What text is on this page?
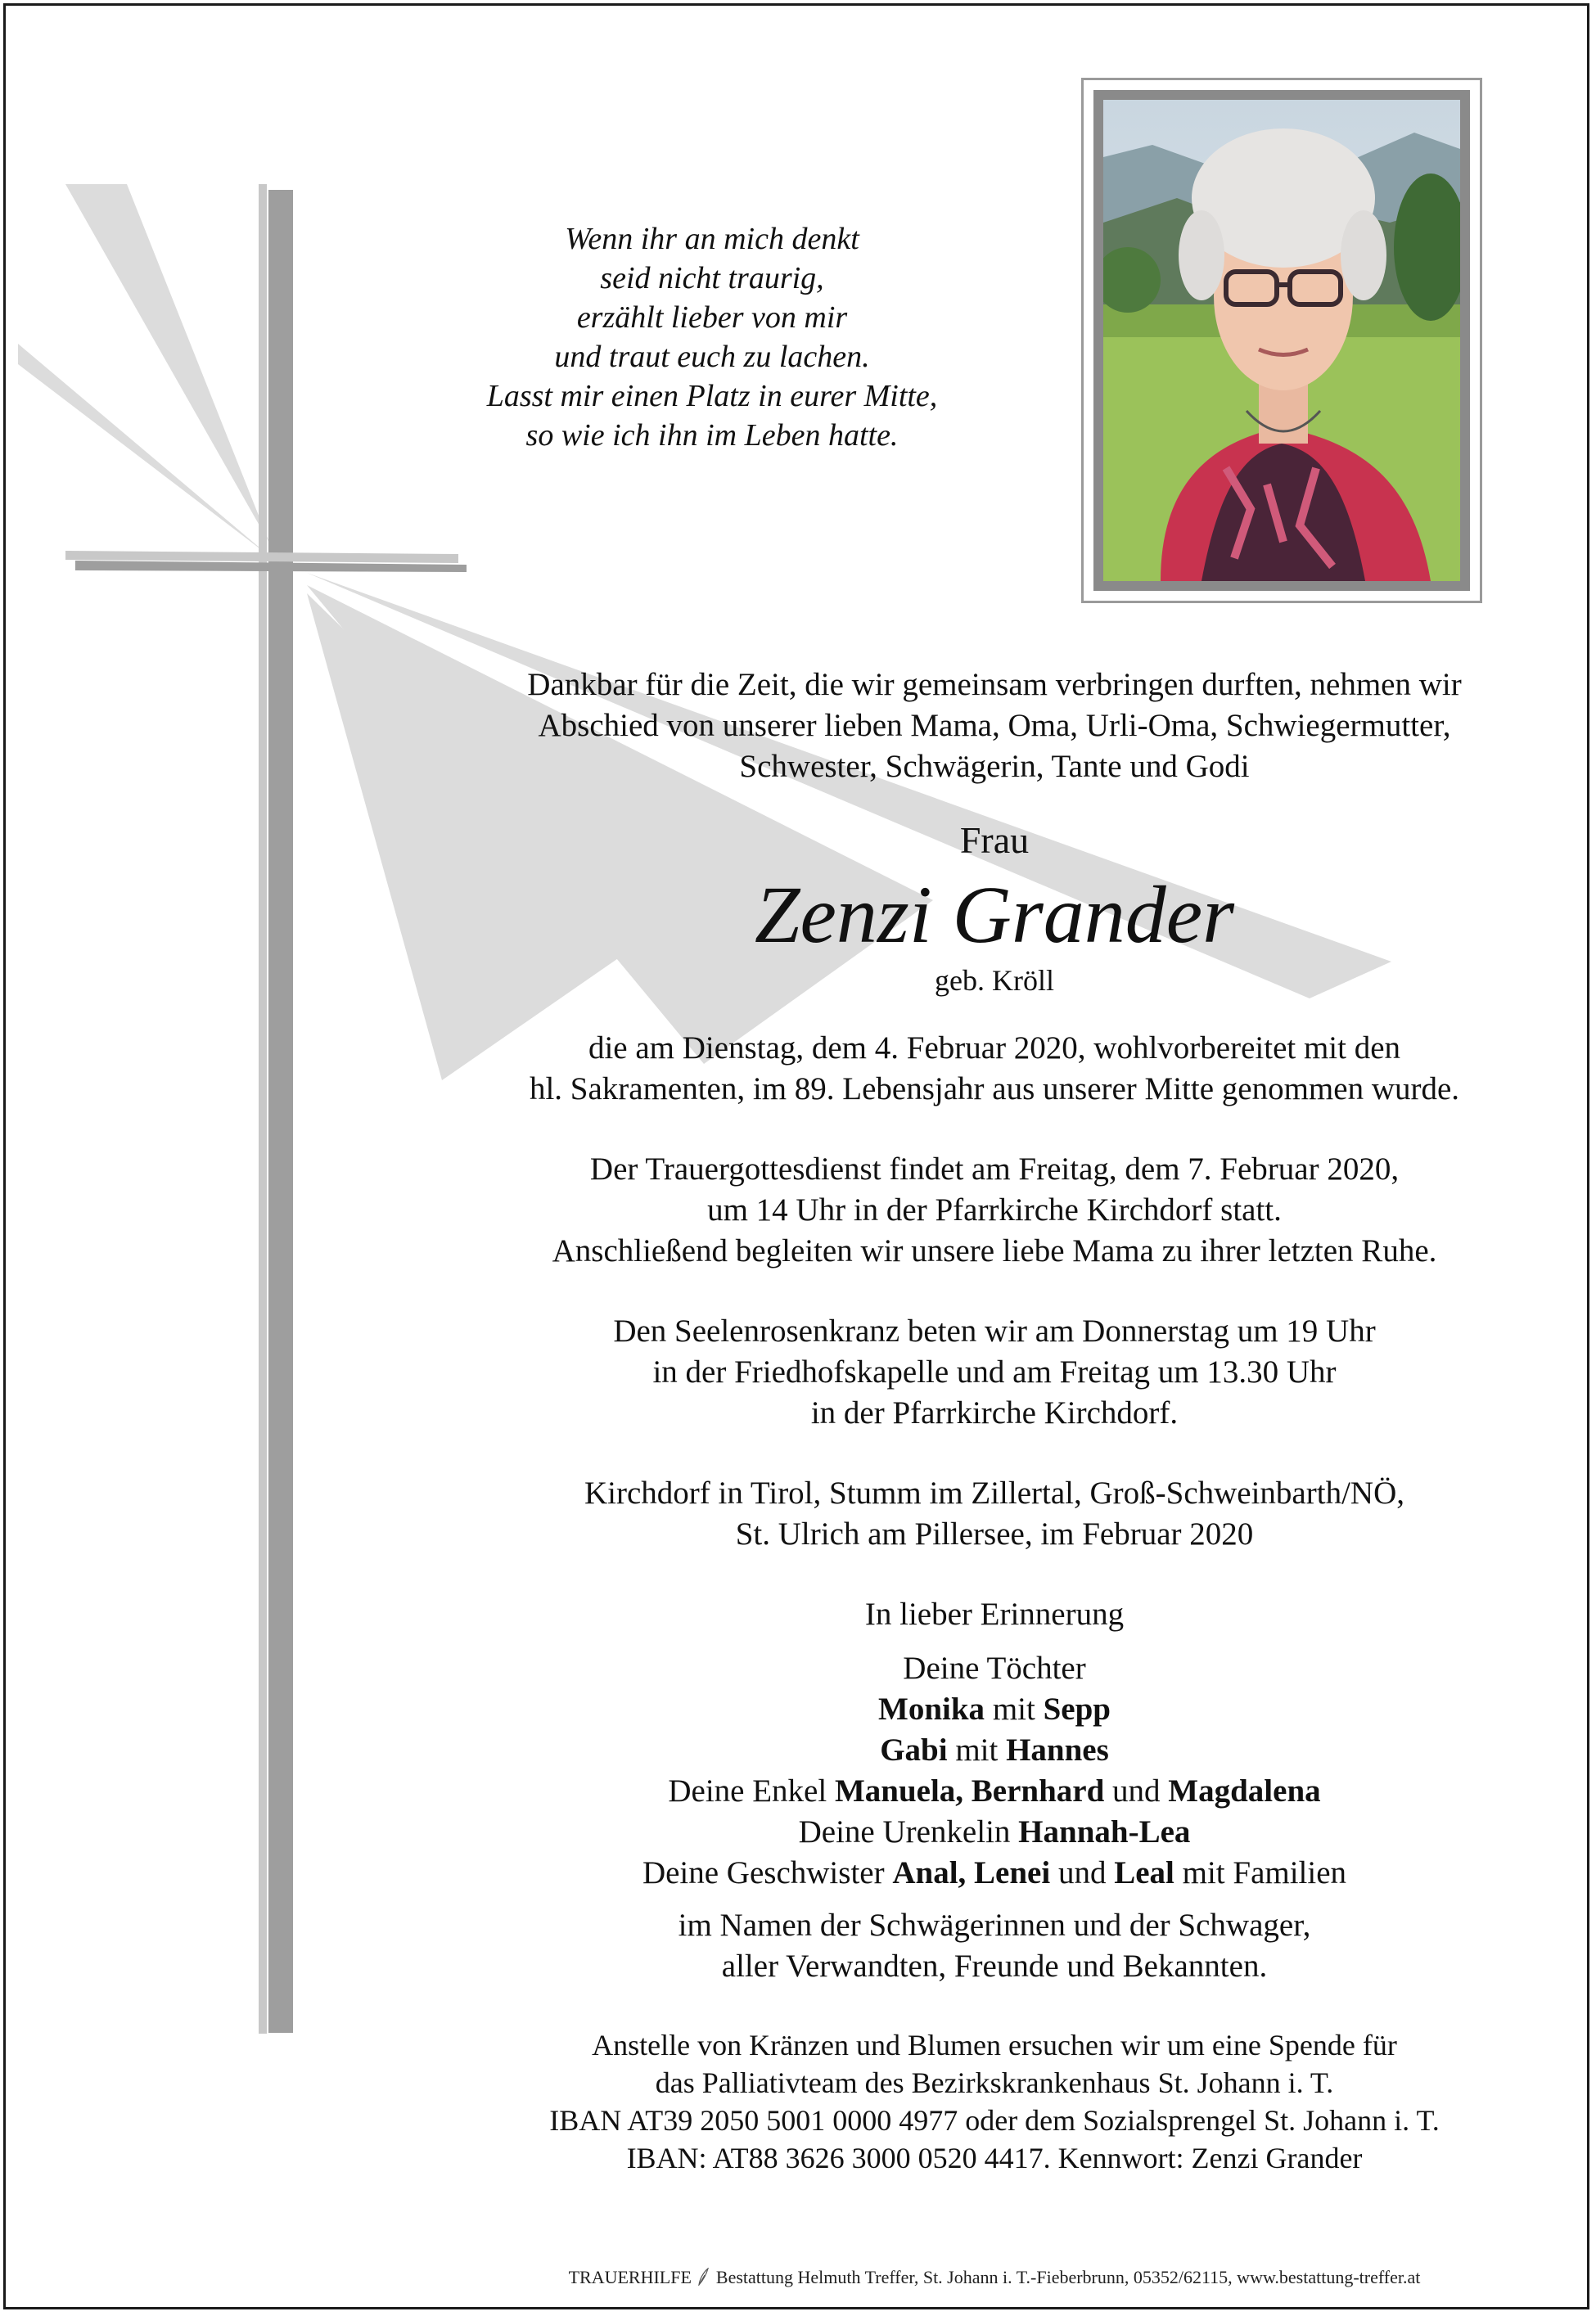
Wenn ihr an mich denkt
seid nicht traurig,
erzählt lieber von mir
und traut euch zu lachen.
Lasst mir einen Platz in eurer Mitte,
so wie ich ihn im Leben hatte.
Dankbar für die Zeit, die wir gemeinsam verbringen durften, nehmen wir
Abschied von unserer lieben Mama, Oma, Urli-Oma, Schwiegermutter,
Schwester, Schwägerin, Tante und Godi
Frau
Zenzi Grander
geb. Kröll
die am Dienstag, dem 4. Februar 2020, wohlvorbereitet mit den
hl. Sakramenten, im 89. Lebensjahr aus unserer Mitte genommen wurde.
Der Trauergottesdienst findet am Freitag, dem 7. Februar 2020,
um 14 Uhr in der Pfarrkirche Kirchdorf statt.
Anschließend begleiten wir unsere liebe Mama zu ihrer letzten Ruhe.
Den Seelenrosenkranz beten wir am Donnerstag um 19 Uhr
in der Friedhofskapelle und am Freitag um 13.30 Uhr
in der Pfarrkirche Kirchdorf.
Kirchdorf in Tirol, Stumm im Zillertal, Groß-Schweinbarth/NÖ,
St. Ulrich am Pillersee, im Februar 2020
In lieber Erinnerung
Deine Töchter
Monika mit Sepp
Gabi mit Hannes
Deine Enkel Manuela, Bernhard und Magdalena
Deine Urenkelin Hannah-Lea
Deine Geschwister Anal, Lenei und Leal mit Familien
im Namen der Schwägerinnen und der Schwager,
aller Verwandten, Freunde und Bekannten.
Anstelle von Kränzen und Blumen ersuchen wir um eine Spende für
das Palliativteam des Bezirkskrankenhaus St. Johann i. T.
IBAN AT39 2050 5001 0000 4977 oder dem Sozialsprengel St. Johann i. T.
IBAN: AT88 3626 3000 0520 4417. Kennwort: Zenzi Grander
TRAUERHILFE Bestattung Helmuth Treffer, St. Johann i. T.-Fieberbrunn, 05352/62115, www.bestattung-treffer.at
